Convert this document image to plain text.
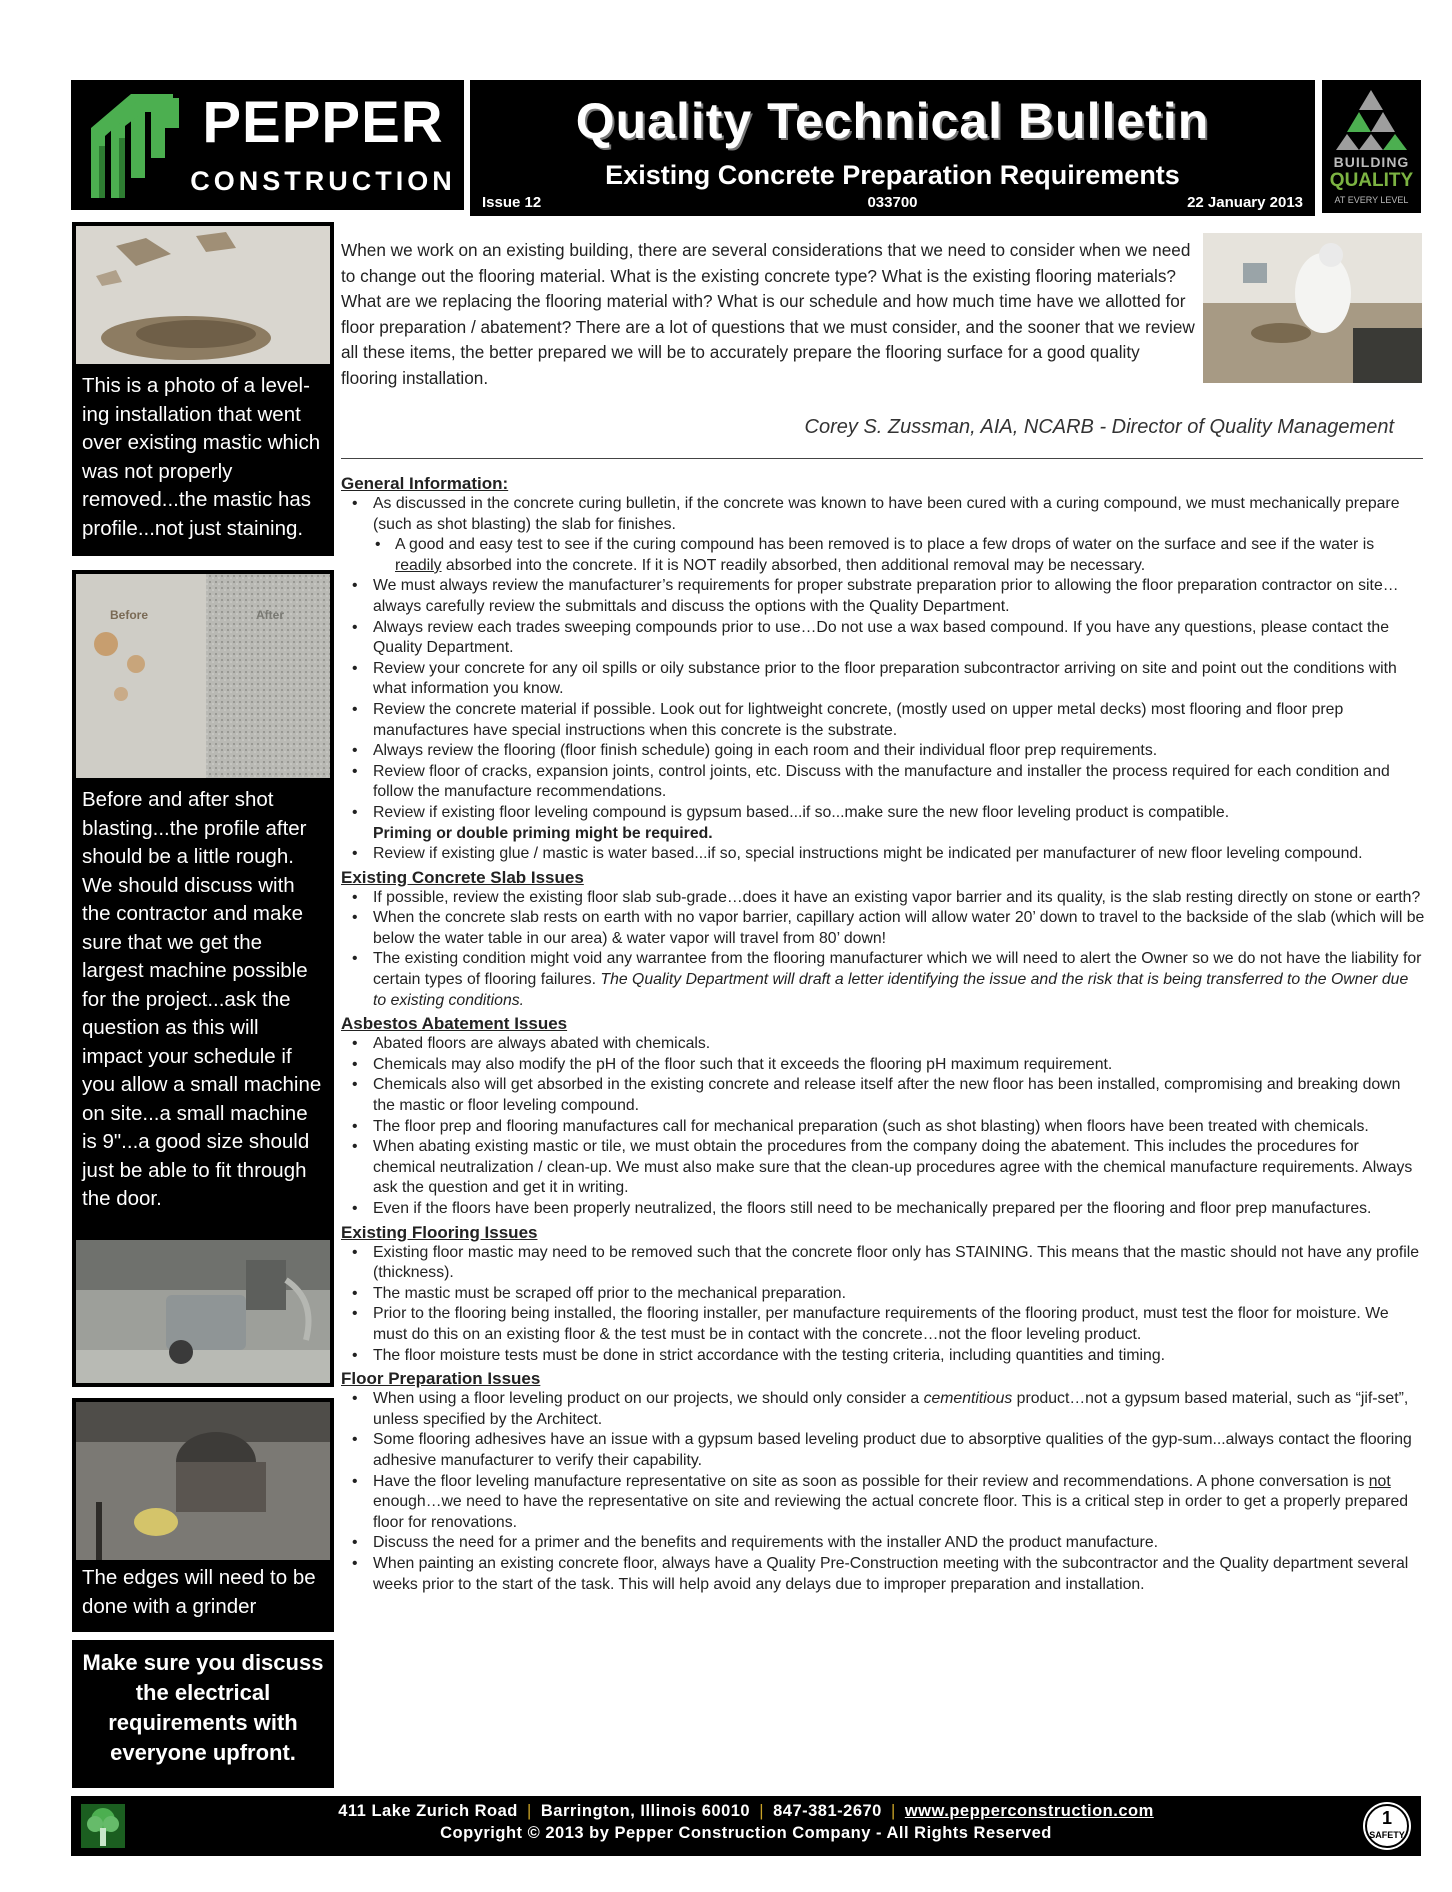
PEPPER
CONSTRUCTION
Quality Technical Bulletin
Existing Concrete Preparation Requirements
Issue 12	033700	22 January 2013
BUILDING
QUALITY
AT EVERY LEVEL
This is a photo of a level-ing installation that went over existing mastic which was not properly removed...the mastic has profile...not just staining.
Before	After
Before and after shot blasting...the profile after should be a little rough. We should discuss with the contractor and make sure that we get the largest machine possible for the project...ask the question as this will impact your schedule if you allow a small machine on site...a small machine is 9"...a good size should just be able to fit through the door.
The edges will need to be done with a grinder
Make sure you discuss the electrical requirements with everyone upfront.
When we work on an existing building, there are several considerations that we need to consider when we need to change out the flooring material. What is the existing concrete type? What is the existing flooring materials? What are we replacing the flooring material with? What is our schedule and how much time have we allotted for floor preparation / abatement? There are a lot of questions that we must consider, and the sooner that we review all these items, the better prepared we will be to accurately prepare the flooring surface for a good quality flooring installation.
Corey S. Zussman, AIA, NCARB - Director of Quality Management
General Information:
• As discussed in the concrete curing bulletin, if the concrete was known to have been cured with a curing compound, we must mechanically prepare (such as shot blasting) the slab for finishes.
• A good and easy test to see if the curing compound has been removed is to place a few drops of water on the surface and see if the water is readily absorbed into the concrete. If it is NOT readily absorbed, then additional removal may be necessary.
• We must always review the manufacturer’s requirements for proper substrate preparation prior to allowing the floor preparation contractor on site…always carefully review the submittals and discuss the options with the Quality Department.
• Always review each trades sweeping compounds prior to use…Do not use a wax based compound. If you have any questions, please contact the Quality Department.
• Review your concrete for any oil spills or oily substance prior to the floor preparation subcontractor arriving on site and point out the conditions with what information you know.
• Review the concrete material if possible. Look out for lightweight concrete, (mostly used on upper metal decks) most flooring and floor prep manufactures have special instructions when this concrete is the substrate.
• Always review the flooring (floor finish schedule) going in each room and their individual floor prep requirements.
• Review floor of cracks, expansion joints, control joints, etc. Discuss with the manufacture and installer the process required for each condition and follow the manufacture recommendations.
• Review if existing floor leveling compound is gypsum based...if so...make sure the new floor leveling product is compatible.
Priming or double priming might be required.
• Review if existing glue / mastic is water based...if so, special instructions might be indicated per manufacturer of new floor leveling compound.
Existing Concrete Slab Issues
• If possible, review the existing floor slab sub-grade…does it have an existing vapor barrier and its quality, is the slab resting directly on stone or earth?
• When the concrete slab rests on earth with no vapor barrier, capillary action will allow water 20’ down to travel to the backside of the slab (which will be below the water table in our area) & water vapor will travel from 80’ down!
• The existing condition might void any warrantee from the flooring manufacturer which we will need to alert the Owner so we do not have the liability for certain types of flooring failures. The Quality Department will draft a letter identifying the issue and the risk that is being transferred to the Owner due to existing conditions.
Asbestos Abatement Issues
• Abated floors are always abated with chemicals.
• Chemicals may also modify the pH of the floor such that it exceeds the flooring pH maximum requirement.
• Chemicals also will get absorbed in the existing concrete and release itself after the new floor has been installed, compromising and breaking down the mastic or floor leveling compound.
• The floor prep and flooring manufactures call for mechanical preparation (such as shot blasting) when floors have been treated with chemicals.
• When abating existing mastic or tile, we must obtain the procedures from the company doing the abatement. This includes the procedures for chemical neutralization / clean-up. We must also make sure that the clean-up procedures agree with the chemical manufacture requirements. Always ask the question and get it in writing.
• Even if the floors have been properly neutralized, the floors still need to be mechanically prepared per the flooring and floor prep manufactures.
Existing Flooring Issues
• Existing floor mastic may need to be removed such that the concrete floor only has STAINING. This means that the mastic should not have any profile (thickness).
• The mastic must be scraped off prior to the mechanical preparation.
• Prior to the flooring being installed, the flooring installer, per manufacture requirements of the flooring product, must test the floor for moisture. We must do this on an existing floor & the test must be in contact with the concrete…not the floor leveling product.
• The floor moisture tests must be done in strict accordance with the testing criteria, including quantities and timing.
Floor Preparation Issues
• When using a floor leveling product on our projects, we should only consider a cementitious product…not a gypsum based material, such as “jif-set”, unless specified by the Architect.
• Some flooring adhesives have an issue with a gypsum based leveling product due to absorptive qualities of the gyp-sum...always contact the flooring adhesive manufacturer to verify their capability.
• Have the floor leveling manufacture representative on site as soon as possible for their review and recommendations. A phone conversation is not enough…we need to have the representative on site and reviewing the actual concrete floor. This is a critical step in order to get a properly prepared floor for renovations.
• Discuss the need for a primer and the benefits and requirements with the installer AND the product manufacture.
• When painting an existing concrete floor, always have a Quality Pre-Construction meeting with the subcontractor and the Quality department several weeks prior to the start of the task. This will help avoid any delays due to improper preparation and installation.
411 Lake Zurich Road | Barrington, Illinois 60010 | 847-381-2670 | www.pepperconstruction.com
Copyright © 2013 by Pepper Construction Company - All Rights Reserved
1
SAFETY
